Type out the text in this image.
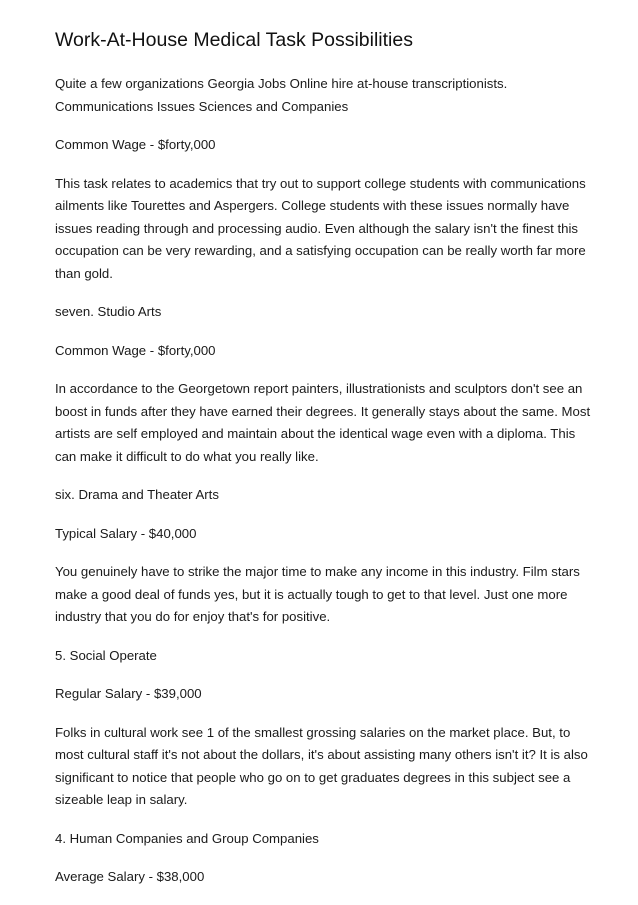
Work-At-House Medical Task Possibilities

Quite a few organizations Georgia Jobs Online hire at-house transcriptionists. Communications Issues Sciences and Companies

Common Wage - $forty,000

This task relates to academics that try out to support college students with communications ailments like Tourettes and Aspergers. College students with these issues normally have issues reading through and processing audio. Even although the salary isn't the finest this occupation can be very rewarding, and a satisfying occupation can be really worth far more than gold.

seven. Studio Arts

Common Wage - $forty,000

In accordance to the Georgetown report painters, illustrationists and sculptors don't see an boost in funds after they have earned their degrees. It generally stays about the same. Most artists are self employed and maintain about the identical wage even with a diploma. This can make it difficult to do what you really like.

six. Drama and Theater Arts

Typical Salary - $40,000

You genuinely have to strike the major time to make any income in this industry. Film stars make a good deal of funds yes, but it is actually tough to get to that level. Just one more industry that you do for enjoy that's for positive.

5. Social Operate

Regular Salary - $39,000

Folks in cultural work see 1 of the smallest grossing salaries on the market place. But, to most cultural staff it's not about the dollars, it's about assisting many others isn't it? It is also significant to notice that people who go on to get graduates degrees in this subject see a sizeable leap in salary.

4. Human Companies and Group Companies

Average Salary - $38,000
